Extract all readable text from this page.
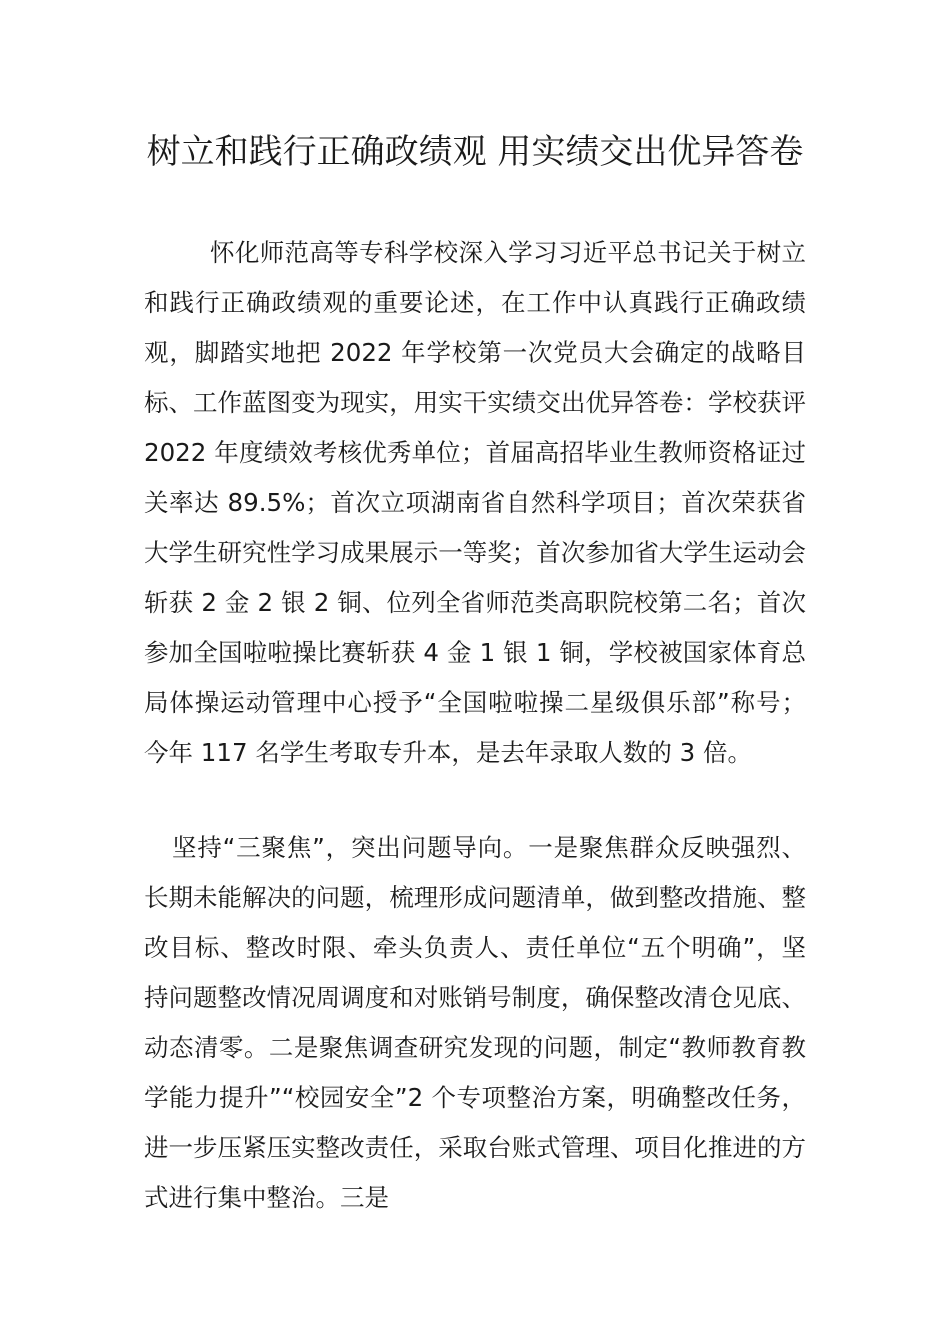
树立和践行正确政绩观 用实绩交出优异答卷

怀化师范高等专科学校深入学习习近平总书记关于树立和践行正确政绩观的重要论述，在工作中认真践行正确政绩观，脚踏实地把 2022 年学校第一次党员大会确定的战略目标、工作蓝图变为现实，用实干实绩交出优异答卷：学校获评 2022 年度绩效考核优秀单位；首届高招毕业生教师资格证过关率达 89.5%；首次立项湖南省自然科学项目；首次荣获省大学生研究性学习成果展示一等奖；首次参加省大学生运动会斩获 2 金 2 银 2 铜、位列全省师范类高职院校第二名；首次参加全国啦啦操比赛斩获 4 金 1 银 1 铜，学校被国家体育总局体操运动管理中心授予“全国啦啦操二星级俱乐部”称号；今年 117 名学生考取专升本，是去年录取人数的 3 倍。

坚持“三聚焦”，突出问题导向。一是聚焦群众反映强烈、长期未能解决的问题，梳理形成问题清单，做到整改措施、整改目标、整改时限、牵头负责人、责任单位“五个明确”，坚持问题整改情况周调度和对账销号制度，确保整改清仓见底、动态清零。二是聚焦调查研究发现的问题，制定“教师教育教学能力提升”“校园安全”2 个专项整治方案，明确整改任务，进一步压紧压实整改责任，采取台账式管理、项目化推进的方式进行集中整治。三是
